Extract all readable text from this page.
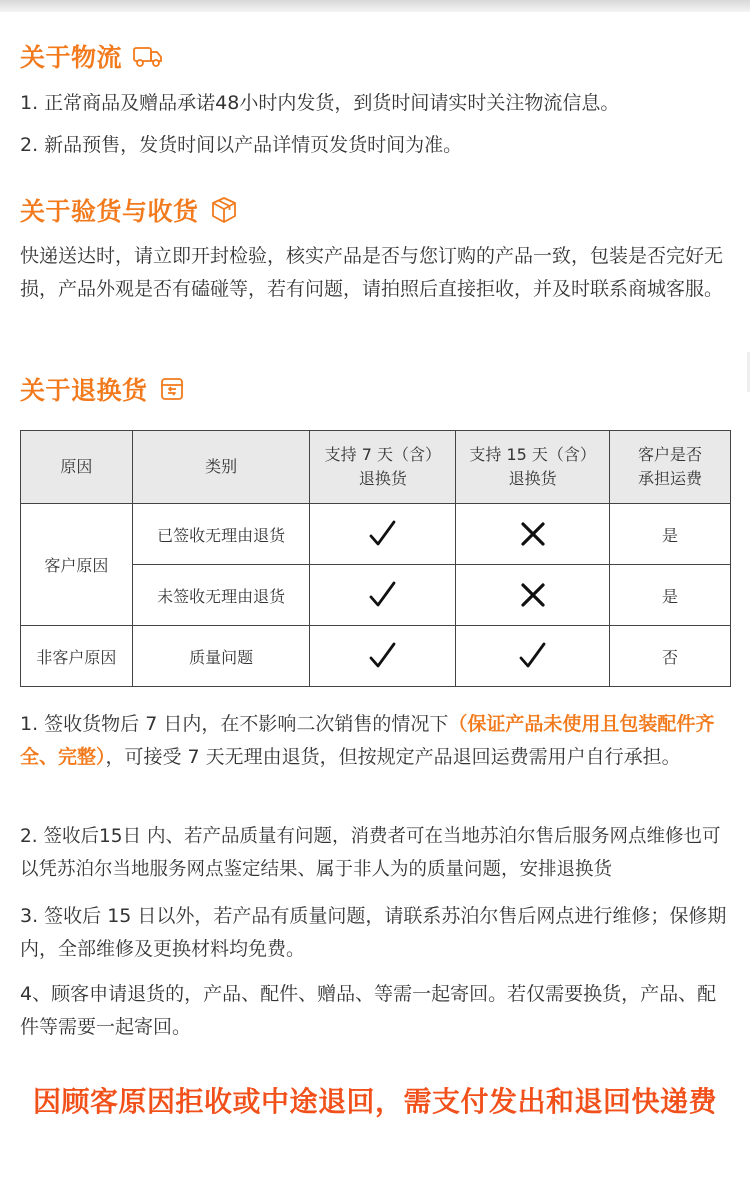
关于物流
1. 正常商品及赠品承诺48小时内发货，到货时间请实时关注物流信息。
2. 新品预售，发货时间以产品详情页发货时间为准。
关于验货与收货
快递送达时，请立即开封检验，核实产品是否与您订购的产品一致，包装是否完好无损，产品外观是否有磕碰等，若有问题，请拍照后直接拒收，并及时联系商城客服。
关于退换货
原因	类别	支持 7 天（含）退换货	支持 15 天（含）退换货	客户是否承担运费
客户原因	已签收无理由退货			是
	未签收无理由退货			是
非客户原因	质量问题			否
1. 签收货物后 7 日内，在不影响二次销售的情况下（保证产品未使用且包装配件齐全、完整），可接受 7 天无理由退货，但按规定产品退回运费需用户自行承担。
2. 签收后15日 内、若产品质量有问题，消费者可在当地苏泊尔售后服务网点维修也可以凭苏泊尔当地服务网点鉴定结果、属于非人为的质量问题，安排退换货
3. 签收后 15 日以外，若产品有质量问题，请联系苏泊尔售后网点进行维修；保修期内，全部维修及更换材料均免费。
4、顾客申请退货的，产品、配件、赠品、等需一起寄回。若仅需要换货，产品、配件等需要一起寄回。
因顾客原因拒收或中途退回，需支付发出和退回快递费
